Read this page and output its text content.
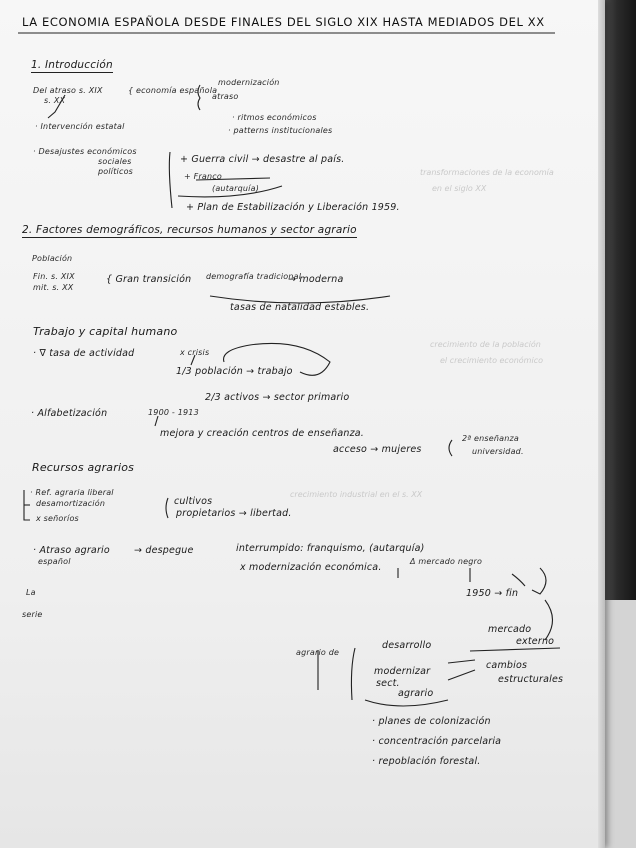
transformaciones de la economía
en el siglo XX
crecimiento de la población
el crecimiento económico
crecimiento industrial en el s. XX

LA ECONOMIA ESPAÑOLA DESDE FINALES DEL SIGLO XIX HASTA MEDIADOS DEL XX

1. Introducción

Del atraso s. XIX

s. XX

{ economía española

modernización

atraso

· Intervención estatal

· ritmos económicos

· patterns institucionales

· Desajustes económicos

sociales

políticos

+ Guerra civil → desastre al país.

+ Franco

(autarquía)

+ Plan de Estabilización y Liberación 1959.

2. Factores demográficos, recursos humanos y sector agrario

Población

Fin. s. XIX

mit. s. XX

{ Gran transición demografía tradicional

→ moderna

tasas de natalidad estables.

Trabajo y capital humano

· ∇ tasa de actividad	x crisis

1/3 población → trabajo

2/3 activos → sector primario

· Alfabetización	1900 - 1913

mejora y creación centros de enseñanza.

acceso → mujeres

2ª enseñanza

universidad.

Recursos agrarios

· Ref. agraria liberal

desamortización

x señoríos

cultivos

propietarios → libertad.

· Atraso agrario

español

→ despegue	interrumpido: franquismo, (autarquía)

x modernización económica.

Δ mercado negro

1950 → fin

La

serie

agrario de

desarrollo

modernizar

sect.

agrario

mercado

externo

cambios

estructurales

· planes de colonización

· concentración parcelaria

· repoblación forestal.
